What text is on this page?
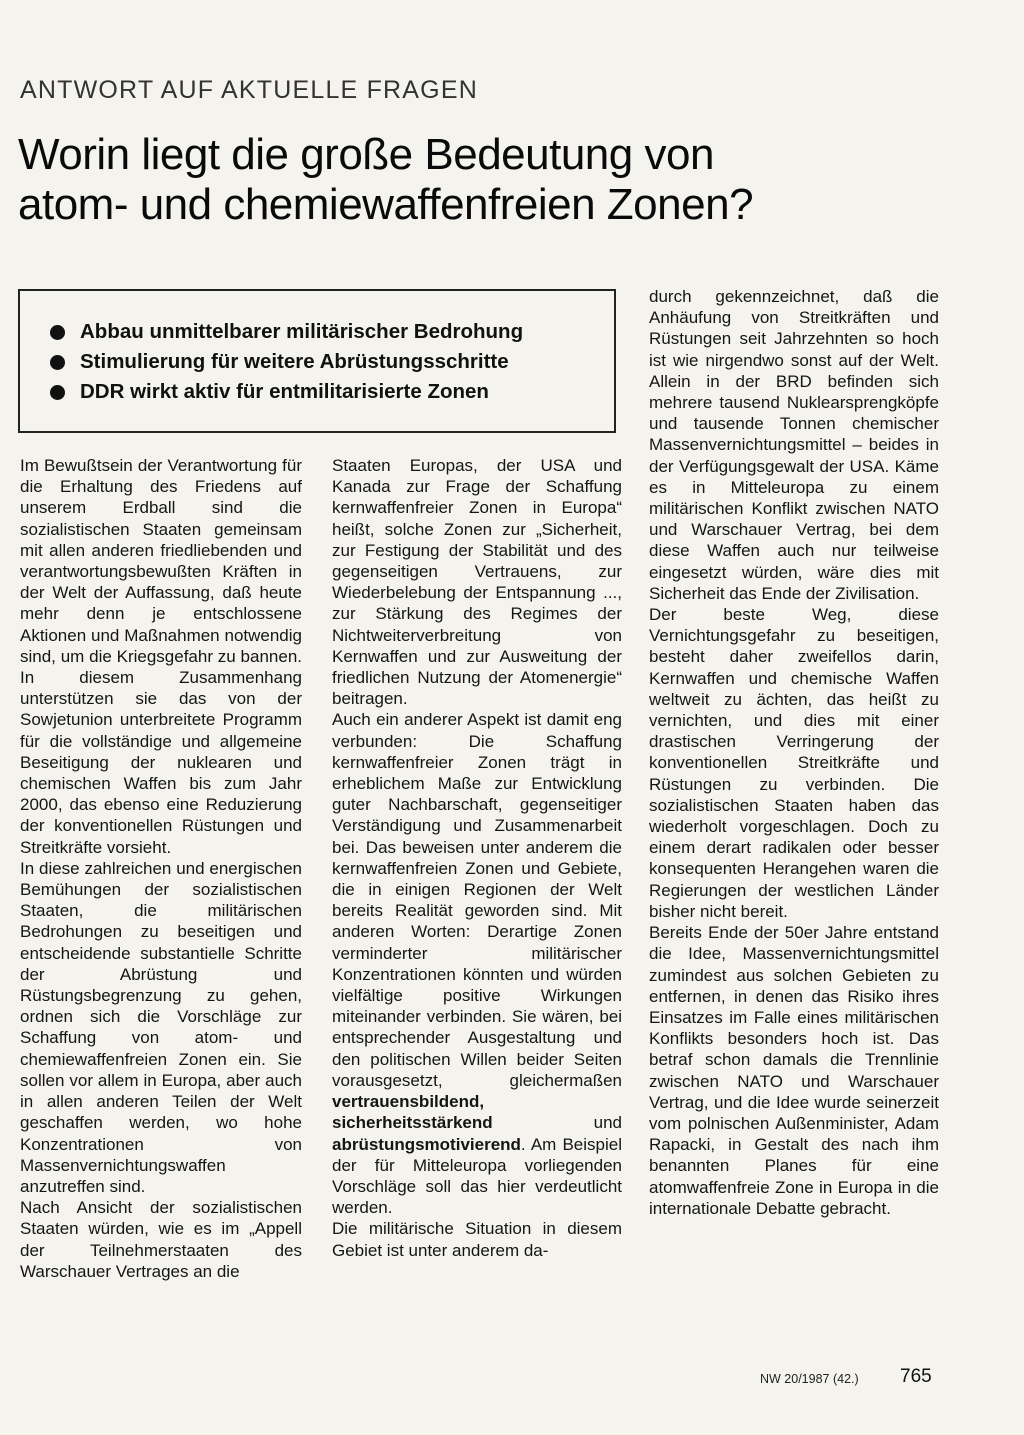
ANTWORT AUF AKTUELLE FRAGEN
Worin liegt die große Bedeutung von
atom- und chemiewaffenfreien Zonen?
Abbau unmittelbarer militärischer Bedrohung
Stimulierung für weitere Abrüstungsschritte
DDR wirkt aktiv für entmilitarisierte Zonen

Im Bewußtsein der Verantwortung für die Erhaltung des Friedens auf unserem Erdball sind die sozialistischen Staaten gemeinsam mit allen anderen friedliebenden und verantwortungsbewußten Kräften in der Welt der Auffassung, daß heute mehr denn je entschlossene Aktionen und Maßnahmen notwendig sind, um die Kriegsgefahr zu bannen. In diesem Zusammenhang unterstützen sie das von der Sowjetunion unterbreitete Programm für die vollständige und allgemeine Beseitigung der nuklearen und chemischen Waffen bis zum Jahr 2000, das ebenso eine Reduzierung der konventionellen Rüstungen und Streitkräfte vorsieht.

In diese zahlreichen und energischen Bemühungen der sozialistischen Staaten, die militärischen Bedrohungen zu beseitigen und entscheidende substantielle Schritte der Abrüstung und Rüstungsbegrenzung zu gehen, ordnen sich die Vorschläge zur Schaffung von atom- und chemiewaffenfreien Zonen ein. Sie sollen vor allem in Europa, aber auch in allen anderen Teilen der Welt geschaffen werden, wo hohe Konzentrationen von Massenvernichtungswaffen anzutreffen sind.

Nach Ansicht der sozialistischen Staaten würden, wie es im „Appell der Teilnehmerstaaten des Warschauer Vertrages an die

Staaten Europas, der USA und Kanada zur Frage der Schaffung kernwaffenfreier Zonen in Europa“ heißt, solche Zonen zur „Sicherheit, zur Festigung der Stabilität und des gegenseitigen Vertrauens, zur Wiederbelebung der Entspannung ..., zur Stärkung des Regimes der Nichtweiterverbreitung von Kernwaffen und zur Ausweitung der friedlichen Nutzung der Atomenergie“ beitragen.

Auch ein anderer Aspekt ist damit eng verbunden: Die Schaffung kernwaffenfreier Zonen trägt in erheblichem Maße zur Entwicklung guter Nachbarschaft, gegenseitiger Verständigung und Zusammenarbeit bei. Das beweisen unter anderem die kernwaffenfreien Zonen und Gebiete, die in einigen Regionen der Welt bereits Realität geworden sind. Mit anderen Worten: Derartige Zonen verminderter militärischer Konzentrationen könnten und würden vielfältige positive Wirkungen miteinander verbinden. Sie wären, bei entsprechender Ausgestaltung und den politischen Willen beider Seiten vorausgesetzt, gleichermaßen vertrauensbildend, sicherheitsstärkend	und abrüstungsmotivierend. Am Beispiel der für Mitteleuropa vorliegenden Vorschläge soll das hier verdeutlicht werden.

Die militärische Situation in diesem Gebiet ist unter anderem da-

durch gekennzeichnet, daß die Anhäufung von Streitkräften und Rüstungen seit Jahrzehnten so hoch ist wie nirgendwo sonst auf der Welt. Allein in der BRD befinden sich mehrere tausend Nuklearsprengköpfe und tausende Tonnen chemischer Massenvernichtungsmittel – beides in der Verfügungsgewalt der USA. Käme es in Mitteleuropa zu einem militärischen Konflikt zwischen NATO und Warschauer Vertrag, bei dem diese Waffen auch nur teilweise eingesetzt würden, wäre dies mit Sicherheit das Ende der Zivilisation.

Der beste Weg, diese Vernichtungsgefahr zu beseitigen, besteht daher zweifellos darin, Kernwaffen und chemische Waffen weltweit zu ächten, das heißt zu vernichten, und dies mit einer drastischen Verringerung der konventionellen Streitkräfte und Rüstungen zu verbinden. Die sozialistischen Staaten haben das wiederholt vorgeschlagen. Doch zu einem derart radikalen oder besser konsequenten Herangehen waren die Regierungen der westlichen Länder bisher nicht bereit.

Bereits Ende der 50er Jahre entstand die Idee, Massenvernichtungsmittel zumindest aus solchen Gebieten zu entfernen, in denen das Risiko ihres Einsatzes im Falle eines militärischen Konflikts besonders hoch ist. Das betraf schon damals die Trennlinie zwischen NATO und Warschauer Vertrag, und die Idee wurde seinerzeit vom polnischen Außenminister, Adam Rapacki, in Gestalt des nach ihm benannten Planes für eine atomwaffenfreie Zone in Europa in die internationale Debatte gebracht.

NW 20/1987 (42.) 765
